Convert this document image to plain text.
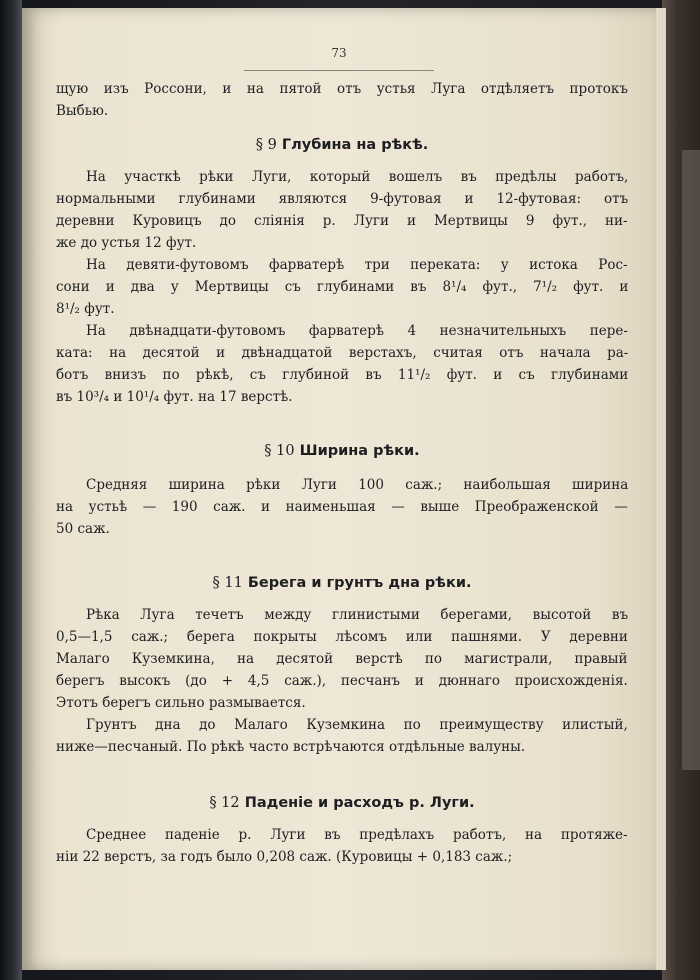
73
щую изъ Россони, и на пятой отъ устья Луга отдѣляетъ протокъ
Выбью.

§ 9 Глубина на рѣкѣ.

На участкѣ рѣки Луги, который вошелъ въ предѣлы работъ,
нормальными глубинами являются 9-футовая и 12-футовая: отъ
деревни Куровицъ до сліянія р. Луги и Мертвицы 9 фут., ни-
же до устья 12 фут.
На девяти-футовомъ фарватерѣ три переката: у истока Рос-
сони и два у Мертвицы съ глубинами въ 8¹/₄ фут., 7¹/₂ фут. и
8¹/₂ фут.
На двѣнадцати-футовомъ фарватерѣ 4 незначительныхъ пере-
ката: на десятой и двѣнадцатой верстахъ, считая отъ начала ра-
ботъ внизъ по рѣкѣ, съ глубиной въ 11¹/₂ фут. и съ глубинами
въ 10³/₄ и 10¹/₄ фут. на 17 верстѣ.

§ 10 Ширина рѣки.

Средняя ширина рѣки Луги 100 саж.; наибольшая ширина
на устьѣ — 190 саж. и наименьшая — выше Преображенской —
50 саж.

§ 11 Берега и грунтъ дна рѣки.

Рѣка Луга течетъ между глинистыми берегами, высотой въ
0,5—1,5 саж.; берега покрыты лѣсомъ или пашнями. У деревни
Малаго Куземкина, на десятой верстѣ по магистрали, правый
берегъ высокъ (до + 4,5 саж.), песчанъ и дюннаго происхожденія.
Этотъ берегъ сильно размывается.
Грунтъ дна до Малаго Куземкина по преимуществу илистый,
ниже—песчаный. По рѣкѣ часто встрѣчаются отдѣльные валуны.

§ 12 Паденіе и расходъ р. Луги.

Среднее паденіе р. Луги въ предѣлахъ работъ, на протяже-
ніи 22 верстъ, за годъ было 0,208 саж. (Куровицы + 0,183 саж.;
